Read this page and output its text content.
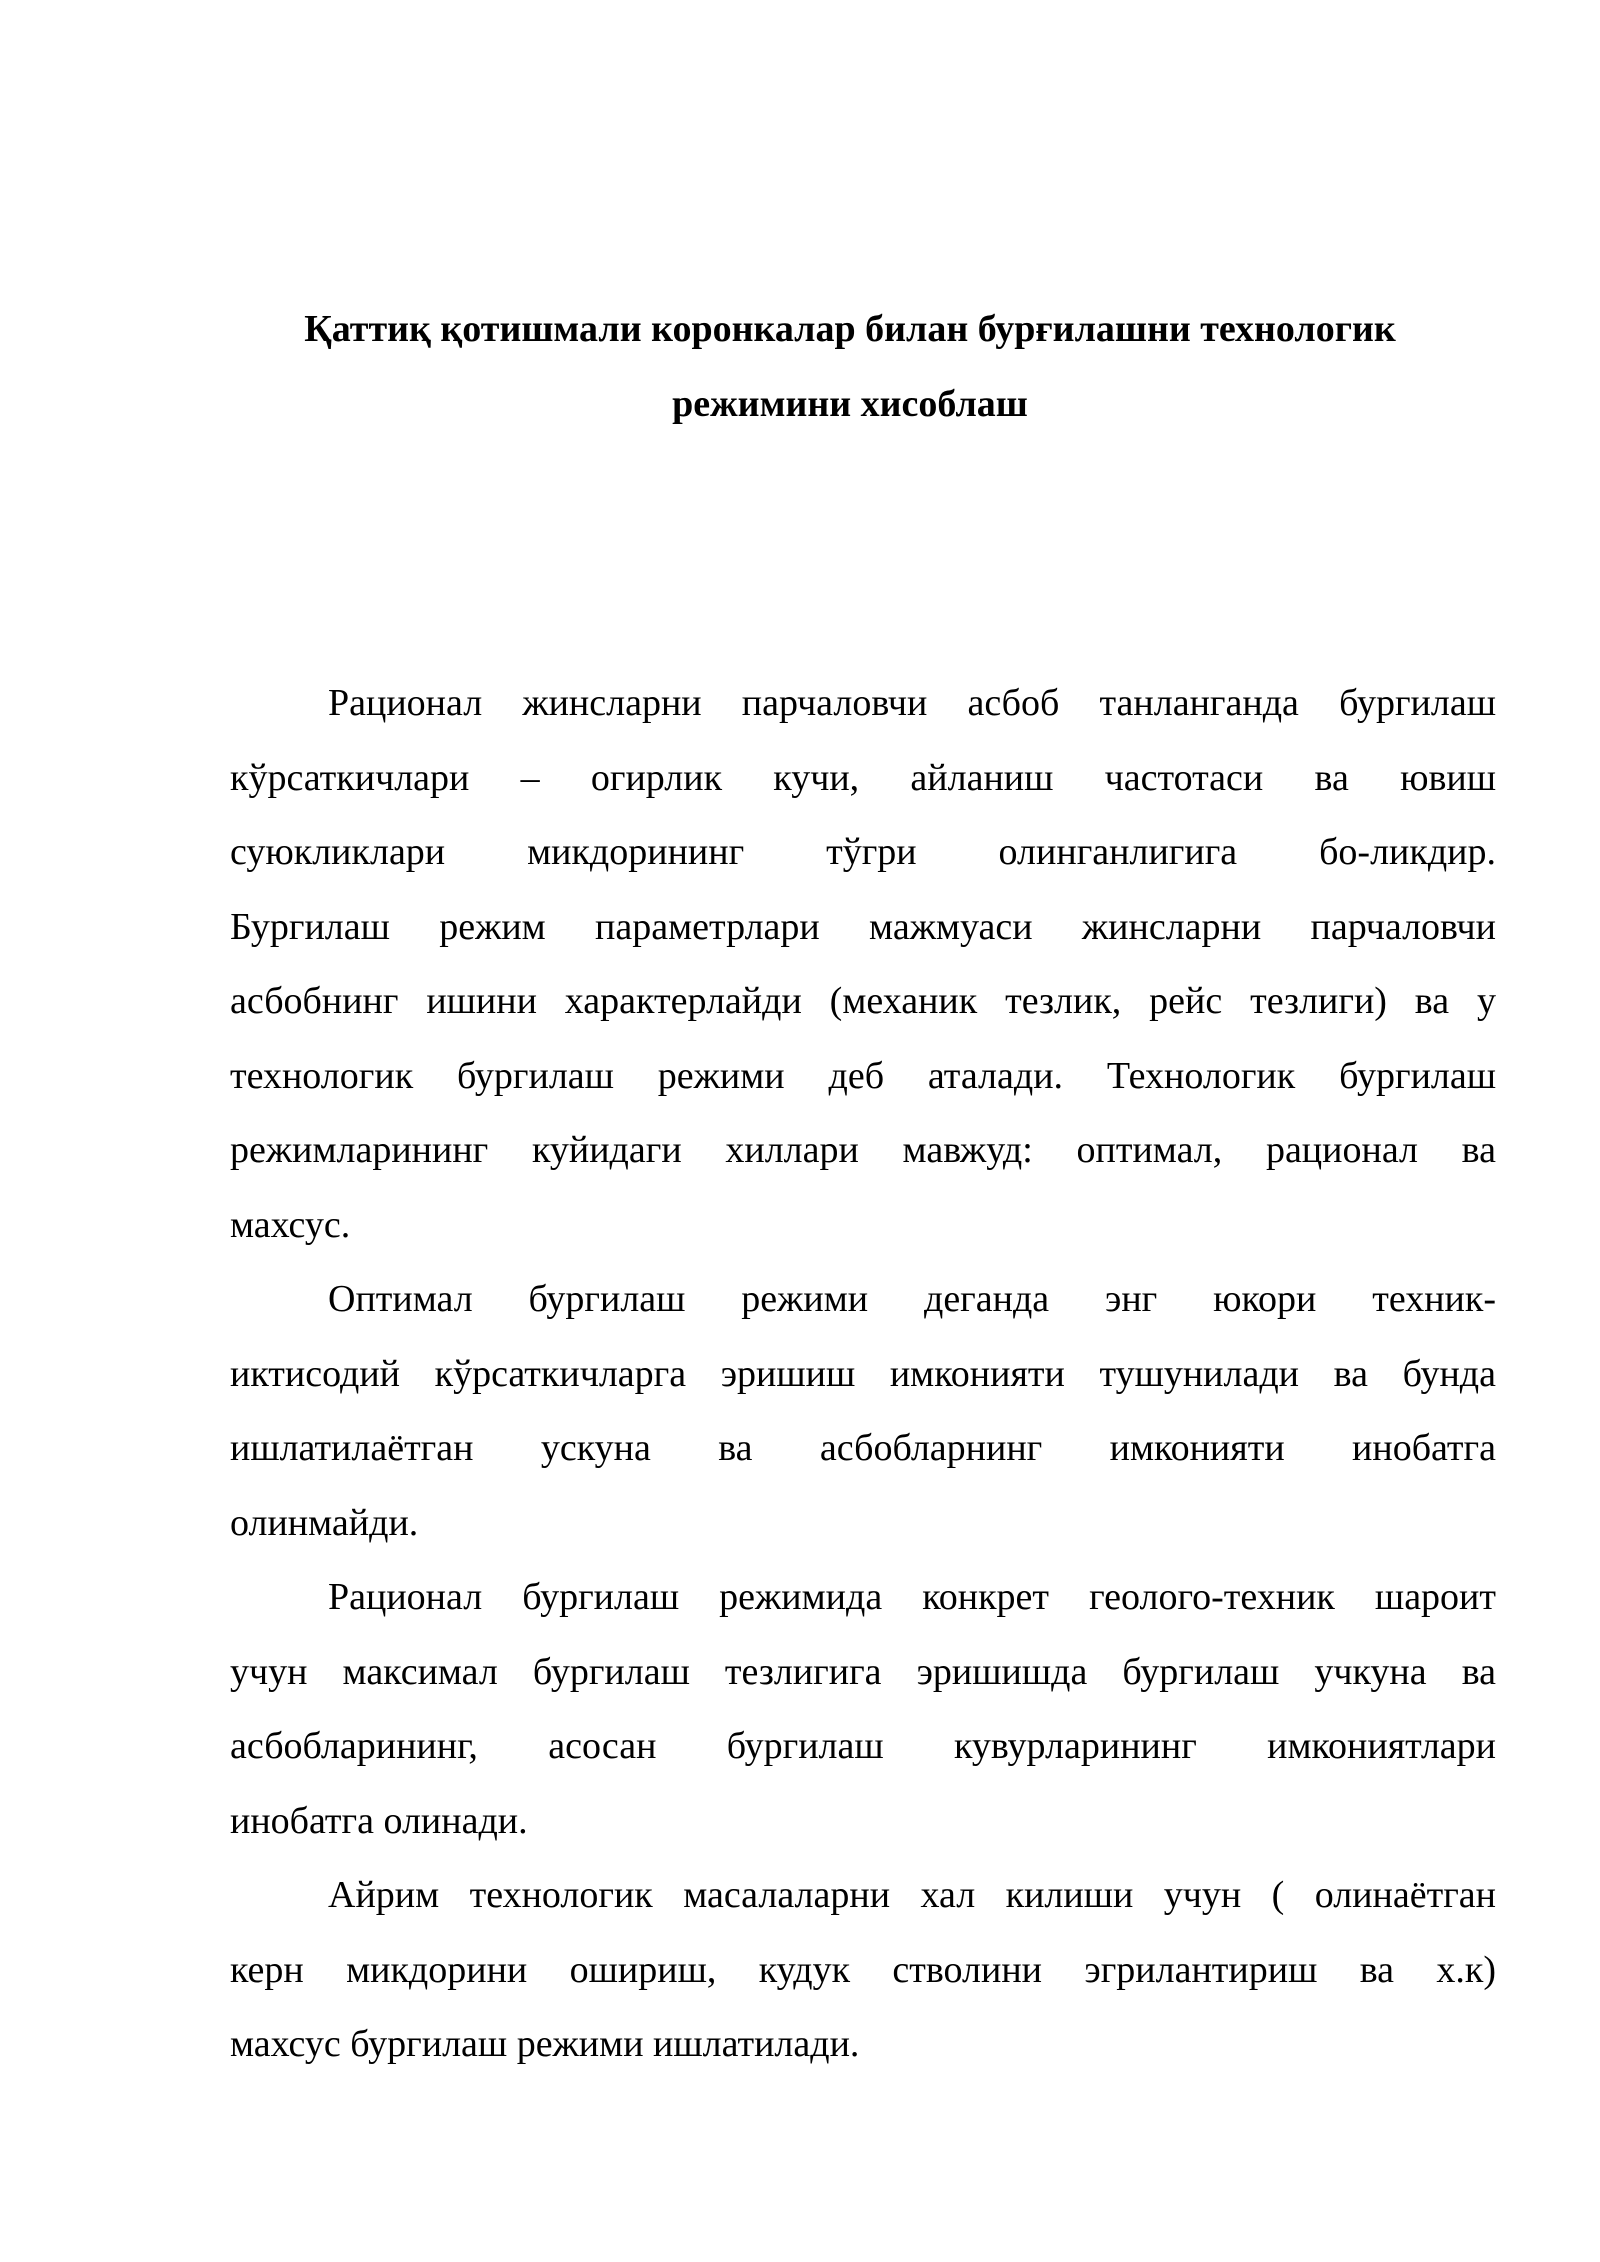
Қаттиқ қотишмали коронкалар билан бурғилашни технологик
режимини хисоблаш
Рационал жинсларни парчаловчи асбоб танланганда бургилаш
кўрсаткичлари – огирлик кучи, айланиш частотаси ва ювиш
суюкликлари микдорининг тўгри олинганлигига бо-ликдир.
Бургилаш режим параметрлари мажмуаси жинсларни парчаловчи
асбобнинг ишини характерлайди (механик тезлик, рейс тезлиги) ва у
технологик бургилаш режими деб аталади. Технологик бургилаш
режимларининг куйидаги хиллари мавжуд: оптимал, рационал ва
махсус.
Оптимал бургилаш режими деганда энг юкори техник-
иктисодий кўрсаткичларга эришиш имконияти тушунилади ва бунда
ишлатилаётган ускуна ва асбобларнинг имконияти инобатга
олинмайди.
Рационал бургилаш режимида конкрет геолого-техник шароит
учун максимал бургилаш тезлигига эришишда бургилаш учкуна ва
асбобларининг, асосан бургилаш кувурларининг имкониятлари
инобатга олинади.
Айрим технологик масалаларни хал килиши учун ( олинаётган
керн микдорини ошириш, кудук стволини эгрилантириш ва х.к)
махсус бургилаш режими ишлатилади.
